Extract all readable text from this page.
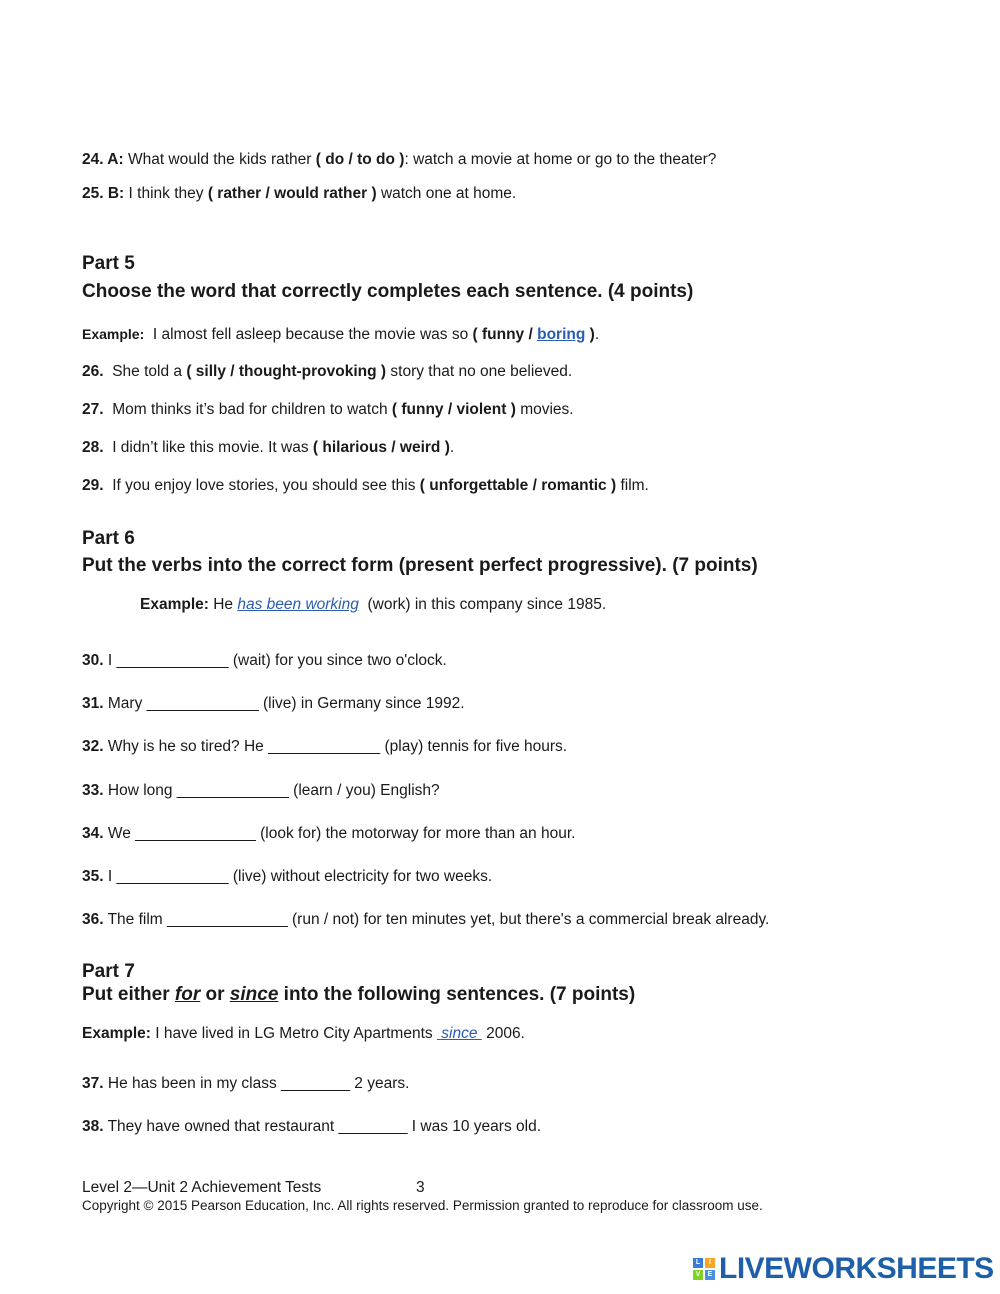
24. A: What would the kids rather ( do / to do ): watch a movie at home or go to the theater?
25. B: I think they ( rather / would rather ) watch one at home.
Part 5
Choose the word that correctly completes each sentence. (4 points)
Example: I almost fell asleep because the movie was so ( funny / boring ).
26. She told a ( silly / thought-provoking ) story that no one believed.
27. Mom thinks it’s bad for children to watch ( funny / violent ) movies.
28. I didn’t like this movie. It was ( hilarious / weird ).
29. If you enjoy love stories, you should see this ( unforgettable / romantic ) film.
Part 6
Put the verbs into the correct form (present perfect progressive). (7 points)
Example: He has been working (work) in this company since 1985.
30. I _____________ (wait) for you since two o'clock.
31. Mary _____________ (live) in Germany since 1992.
32. Why is he so tired? He _____________ (play) tennis for five hours.
33. How long _____________ (learn / you) English?
34. We ______________ (look for) the motorway for more than an hour.
35. I _____________ (live) without electricity for two weeks.
36. The film ______________ (run / not) for ten minutes yet, but there's a commercial break already.
Part 7
Put either for or since into the following sentences. (7 points)
Example: I have lived in LG Metro City Apartments since 2006.
37. He has been in my class ________ 2 years.
38. They have owned that restaurant ________ I was 10 years old.
Level 2—Unit 2 Achievement Tests	3
Copyright © 2015 Pearson Education, Inc. All rights reserved. Permission granted to reproduce for classroom use.
L	I
V	E LIVEWORKSHEETS
